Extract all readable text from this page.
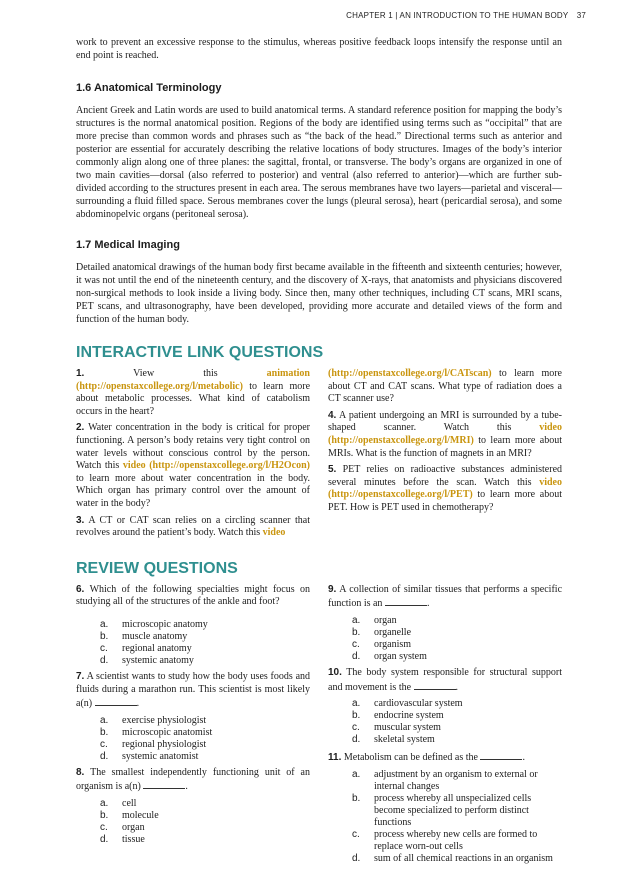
CHAPTER 1 | AN INTRODUCTION TO THE HUMAN BODY 37

work to prevent an excessive response to the stimulus, whereas positive feedback loops intensify the response until an end point is reached.

1.6 Anatomical Terminology

Ancient Greek and Latin words are used to build anatomical terms. A standard reference position for mapping the body’s structures is the normal anatomical position. Regions of the body are identified using terms such as “occipital” that are more precise than common words and phrases such as “the back of the head.” Directional terms such as anterior and posterior are essential for accurately describing the relative locations of body structures. Images of the body’s interior commonly align along one of three planes: the sagittal, frontal, or transverse. The body’s organs are organized in one of two main cavities—dorsal (also referred to posterior) and ventral (also referred to anterior)—which are further sub-divided according to the structures present in each area. The serous membranes have two layers—parietal and visceral—surrounding a fluid filled space. Serous membranes cover the lungs (pleural serosa), heart (pericardial serosa), and some abdominopelvic organs (peritoneal serosa).

1.7 Medical Imaging

Detailed anatomical drawings of the human body first became available in the fifteenth and sixteenth centuries; however, it was not until the end of the nineteenth century, and the discovery of X-rays, that anatomists and physicians discovered non-surgical methods to look inside a living body. Since then, many other techniques, including CT scans, MRI scans, PET scans, and ultrasonography, have been developed, providing more accurate and detailed views of the form and function of the human body.

INTERACTIVE LINK QUESTIONS

1.	View this	animation (http://openstaxcollege.org/l/metabolic) to learn more about metabolic processes. What kind of catabolism occurs in the heart?

2. Water concentration in the body is critical for proper functioning. A person’s body retains very tight control on water levels without conscious control by the person. Watch this video (http://openstaxcollege.org/l/H2Ocon) to learn more about water concentration in the body. Which organ has primary control over the amount of water in the body?

3. A CT or CAT scan relies on a circling scanner that revolves around the patient’s body. Watch this video

(http://openstaxcollege.org/l/CATscan) to learn more about CT and CAT scans. What type of radiation does a CT scanner use?

4. A patient undergoing an MRI is surrounded by a tube-shaped scanner. Watch this	video (http://openstaxcollege.org/l/MRI) to learn more about MRIs. What is the function of magnets in an MRI?

5. PET relies on radioactive substances administered several minutes before the scan. Watch this video (http://openstaxcollege.org/l/PET) to learn more about PET. How is PET used in chemotherapy?

REVIEW QUESTIONS

6. Which of the following specialties might focus on studying all of the structures of the ankle and foot?

a. microscopic anatomy
b. muscle anatomy
c. regional anatomy
d. systemic anatomy

7. A scientist wants to study how the body uses foods and fluids during a marathon run. This scientist is most likely a(n)	.

a. exercise physiologist
b. microscopic anatomist
c. regional physiologist
d. systemic anatomist

8. The smallest independently functioning unit of an organism is a(n)	.

a. cell
b. molecule
c. organ
d. tissue

9. A collection of similar tissues that performs a specific function is an	.

a. organ
b. organelle
c. organism
d. organ system

10. The body system responsible for structural support and movement is the	.

a. cardiovascular system
b. endocrine system
c. muscular system
d. skeletal system

11. Metabolism can be defined as the	.

a. adjustment by an organism to external or internal changes
b. process whereby all unspecialized cells become specialized to perform distinct functions
c. process whereby new cells are formed to replace worn-out cells
d. sum of all chemical reactions in an organism
